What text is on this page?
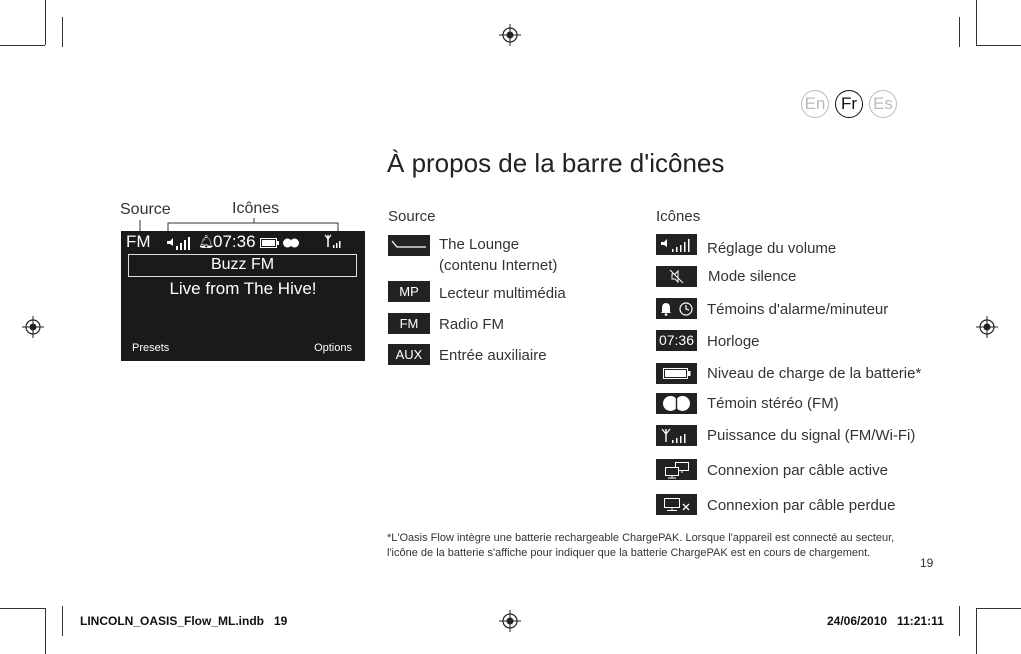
En Fr Es
À propos de la barre d'icônes
Source	Icônes
FM	🔔︎
07:36
Buzz FM
Live from The Hive!
Presets	Options
Source
The Lounge
(contenu Internet)
MP	Lecteur multimédia
FM	Radio FM
AUX	Entrée auxiliaire
Icônes
Réglage du volume
Mode silence
Témoins d'alarme/minuteur
07:36 Horloge
Niveau de charge de la batterie*
Témoin stéréo (FM)
Puissance du signal (FM/Wi-Fi)
Connexion par câble active
Connexion par câble perdue
*L'Oasis Flow intègre une batterie rechargeable ChargePAK. Lorsque l'appareil est connecté au secteur, l'icône de la batterie s'affiche pour indiquer que la batterie ChargePAK est en cours de chargement.
19
LINCOLN_OASIS_Flow_ML.indb   19	24/06/2010   11:21:11
